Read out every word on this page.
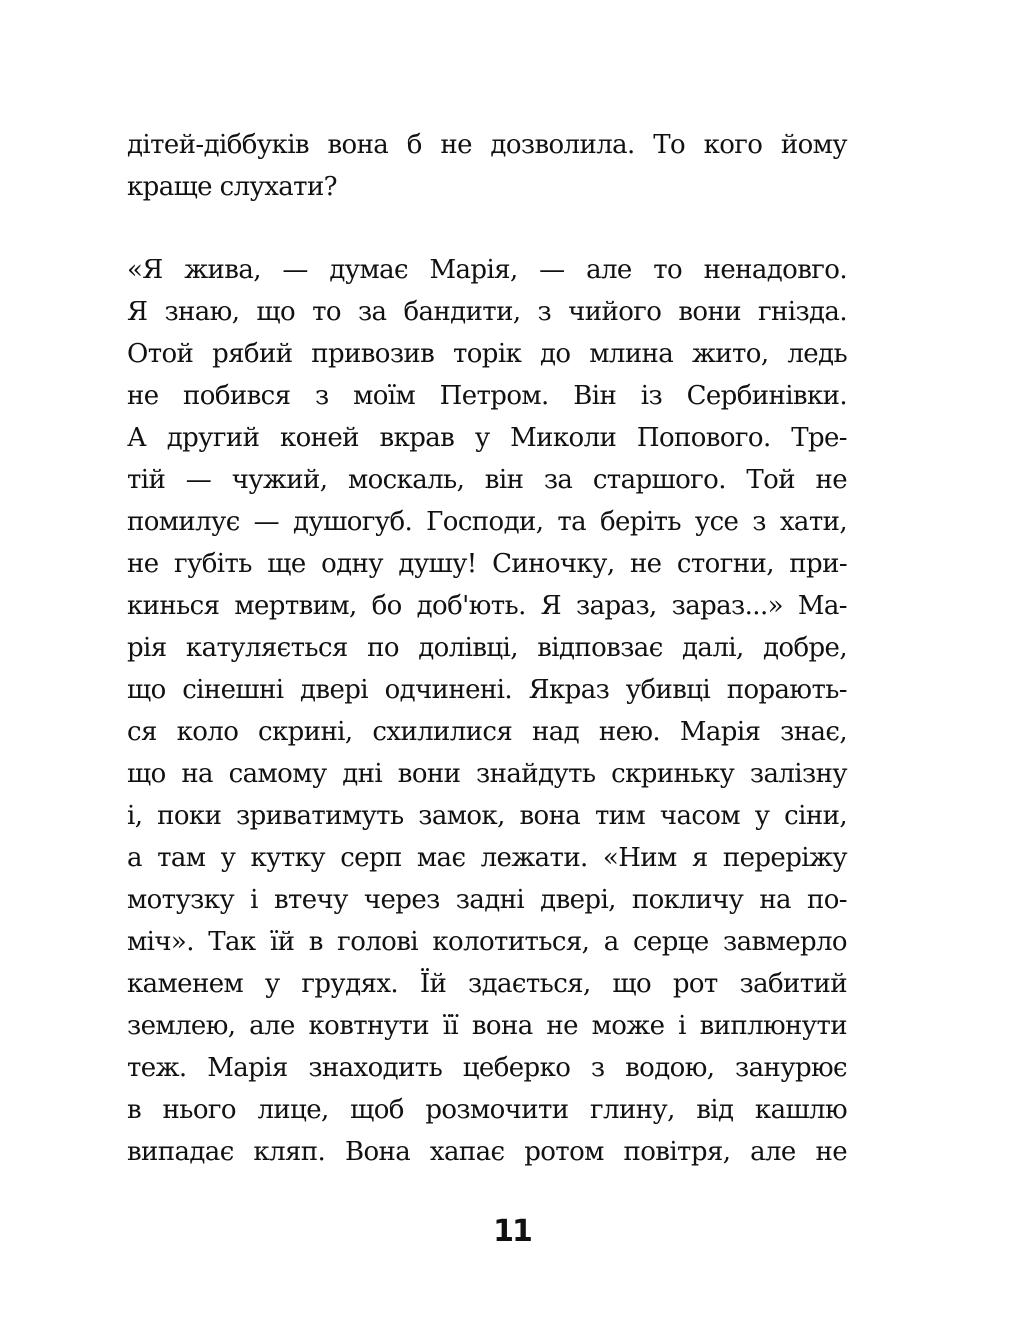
дітей-діббуків вона б не дозволила. То кого йому
краще слухати?
«Я жива, — думає Марія, — але то ненадовго.
Я знаю, що то за бандити, з чийого вони гнізда.
Отой рябий привозив торік до млина жито, ледь
не побився з моїм Петром. Він із Сербинівки.
А другий коней вкрав у Миколи Попового. Тре-
тій — чужий, москаль, він за старшого. Той не
помилує — душогуб. Господи, та беріть усе з хати,
не губіть ще одну душу! Синочку, не стогни, при-
кинься мертвим, бо доб'ють. Я зараз, зараз...» Ма-
рія катуляється по долівці, відповзає далі, добре,
що сінешні двері одчинені. Якраз убивці порають-
ся коло скрині, схилилися над нею. Марія знає,
що на самому дні вони знайдуть скриньку залізну
і, поки зриватимуть замок, вона тим часом у сіни,
а там у кутку серп має лежати. «Ним я переріжу
мотузку і втечу через задні двері, покличу на по-
міч». Так їй в голові колотиться, а серце завмерло
каменем у грудях. Їй здається, що рот забитий
землею, але ковтнути її вона не може і виплюнути
теж. Марія знаходить цеберко з водою, занурює
в нього лице, щоб розмочити глину, від кашлю
випадає кляп. Вона хапає ротом повітря, але не
11
